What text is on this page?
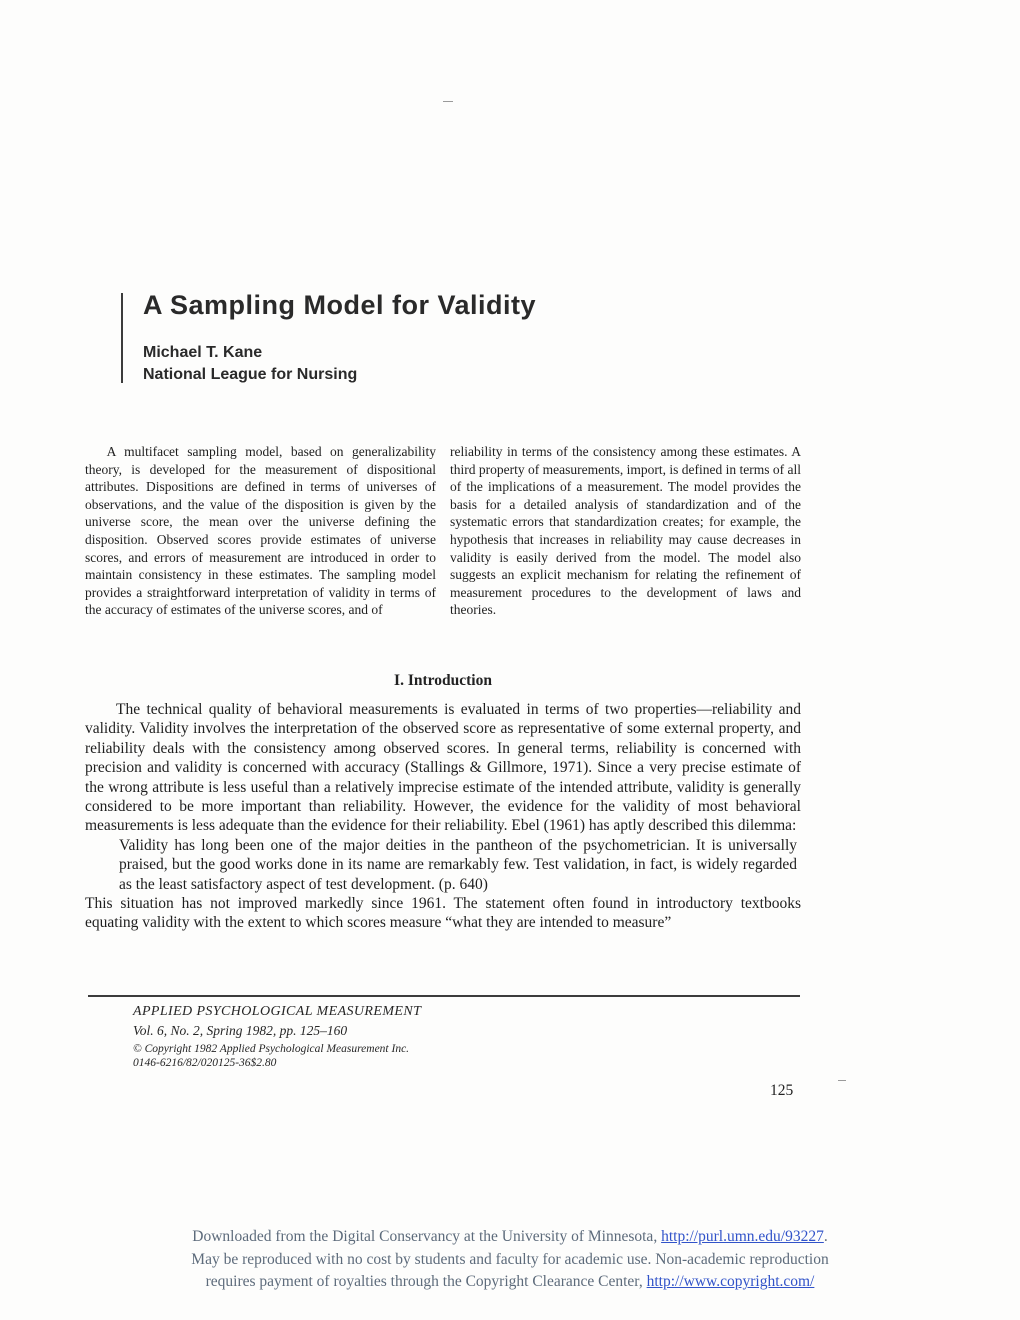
A Sampling Model for Validity
Michael T. Kane
National League for Nursing
A multifacet sampling model, based on generalizability theory, is developed for the measurement of dispositional attributes. Dispositions are defined in terms of universes of observations, and the value of the disposition is given by the universe score, the mean over the universe defining the disposition. Observed scores provide estimates of universe scores, and errors of measurement are introduced in order to maintain consistency in these estimates. The sampling model provides a straightforward interpretation of validity in terms of the accuracy of estimates of the universe scores, and of
reliability in terms of the consistency among these estimates. A third property of measurements, import, is defined in terms of all of the implications of a measurement. The model provides the basis for a detailed analysis of standardization and of the systematic errors that standardization creates; for example, the hypothesis that increases in reliability may cause decreases in validity is easily derived from the model. The model also suggests an explicit mechanism for relating the refinement of measurement procedures to the development of laws and theories.
I. Introduction
The technical quality of behavioral measurements is evaluated in terms of two properties—reliability and validity. Validity involves the interpretation of the observed score as representative of some external property, and reliability deals with the consistency among observed scores. In general terms, reliability is concerned with precision and validity is concerned with accuracy (Stallings & Gillmore, 1971). Since a very precise estimate of the wrong attribute is less useful than a relatively imprecise estimate of the intended attribute, validity is generally considered to be more important than reliability. However, the evidence for the validity of most behavioral measurements is less adequate than the evidence for their reliability. Ebel (1961) has aptly described this dilemma:
Validity has long been one of the major deities in the pantheon of the psychometrician. It is universally praised, but the good works done in its name are remarkably few. Test validation, in fact, is widely regarded as the least satisfactory aspect of test development. (p. 640)
This situation has not improved markedly since 1961. The statement often found in introductory textbooks equating validity with the extent to which scores measure “what they are intended to measure”
APPLIED PSYCHOLOGICAL MEASUREMENT
Vol. 6, No. 2, Spring 1982, pp. 125–160
© Copyright 1982 Applied Psychological Measurement Inc.
0146-6216/82/020125-36$2.80
125
Downloaded from the Digital Conservancy at the University of Minnesota, http://purl.umn.edu/93227.
May be reproduced with no cost by students and faculty for academic use. Non-academic reproduction
requires payment of royalties through the Copyright Clearance Center, http://www.copyright.com/
